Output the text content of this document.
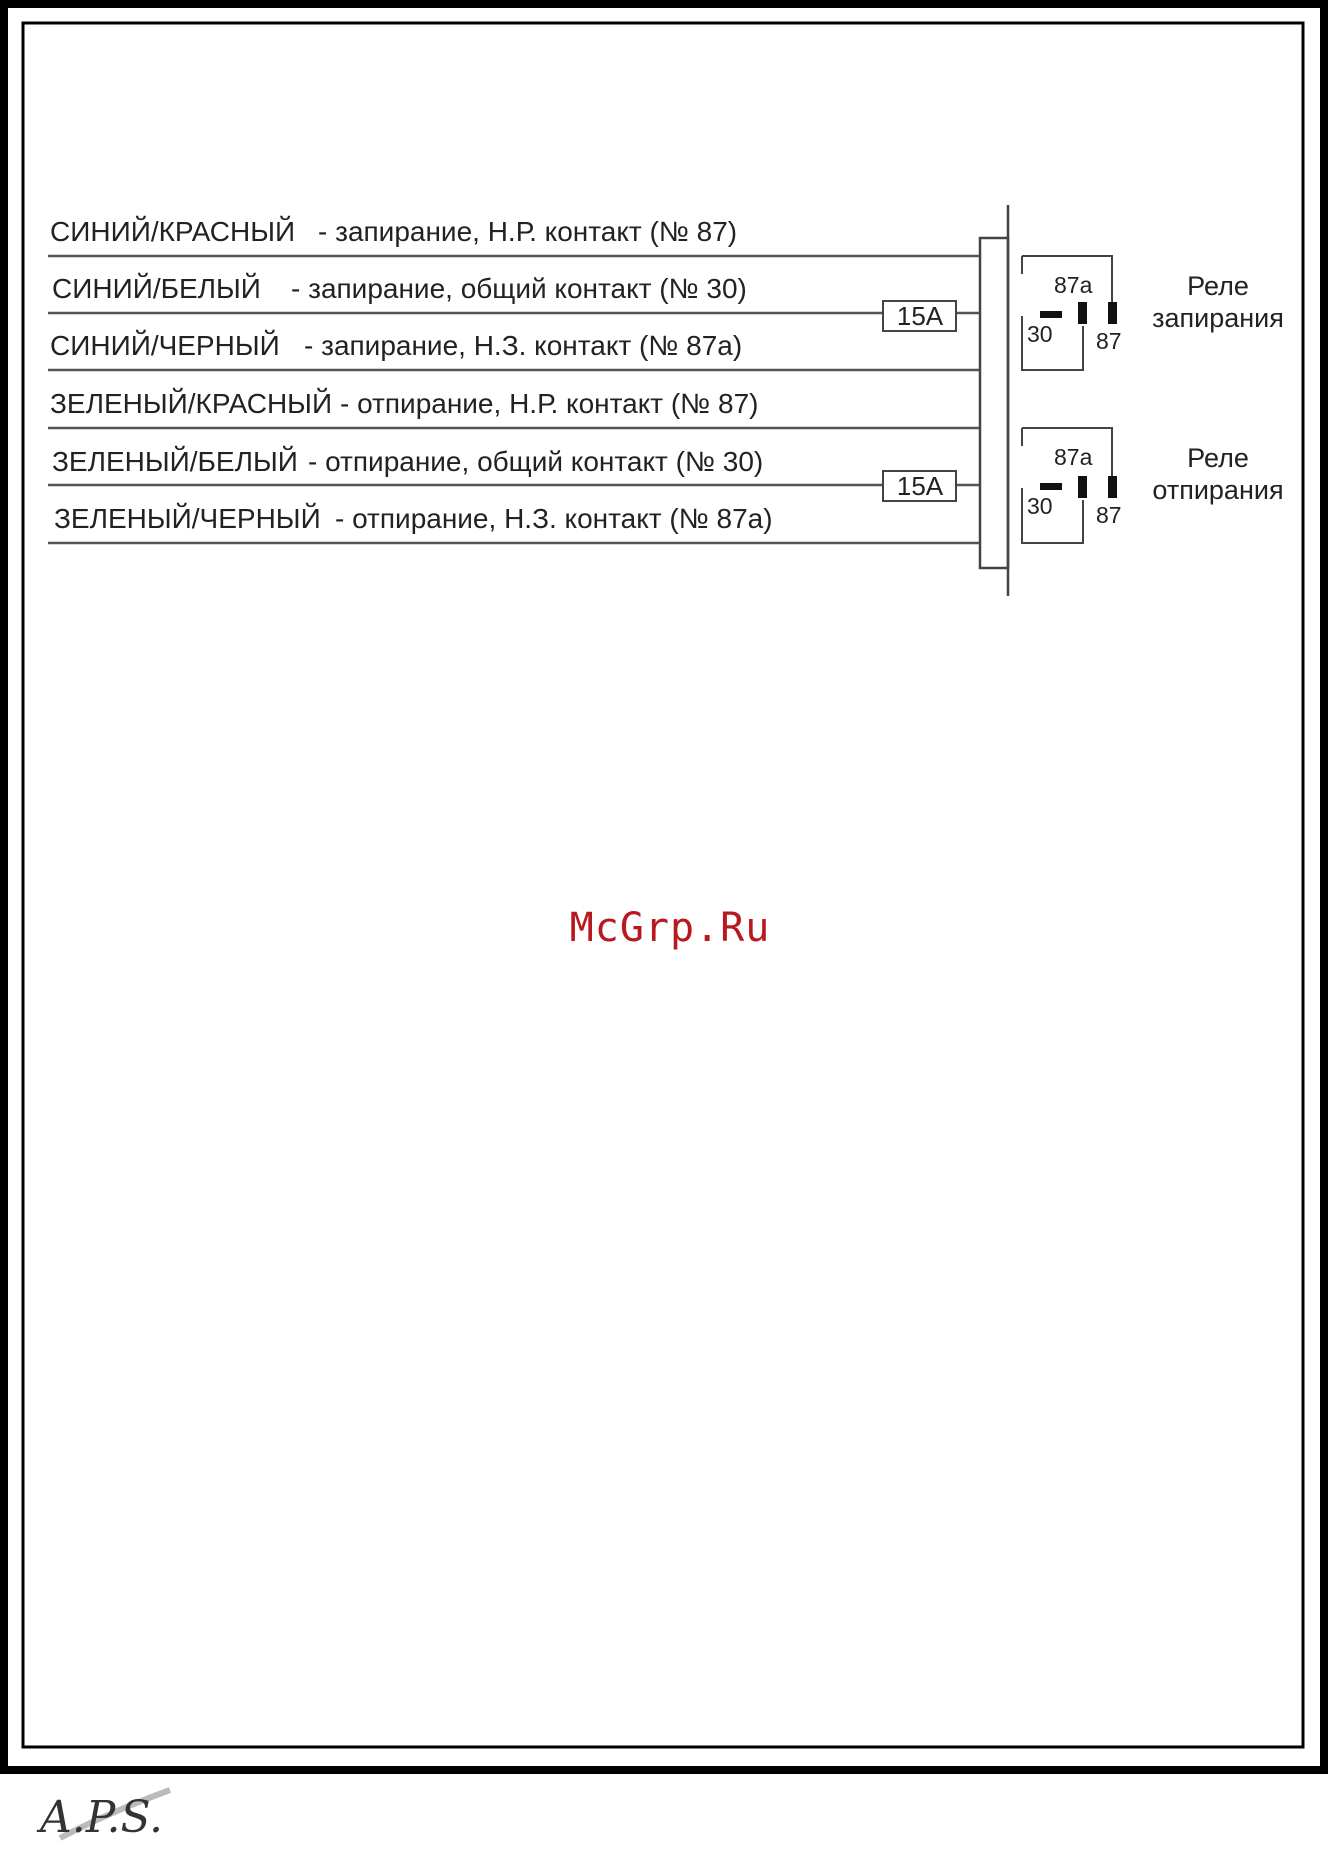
СИНИЙ/КРАСНЫЙ - запирание, Н.Р. контакт (№ 87)
СИНИЙ/БЕЛЫЙ - запирание, общий контакт (№ 30)
СИНИЙ/ЧЕРНЫЙ - запирание, Н.З. контакт (№ 87а)
ЗЕЛЕНЫЙ/КРАСНЫЙ - отпирание, Н.Р. контакт (№ 87)
ЗЕЛЕНЫЙ/БЕЛЫЙ - отпирание, общий контакт (№ 30)
ЗЕЛЕНЫЙ/ЧЕРНЫЙ - отпирание, Н.З. контакт (№ 87а)
15А
15А
87a
30 87
Реле
запирания
87a
30 87
Реле
отпирания
McGrp.Ru
A.P.S.
